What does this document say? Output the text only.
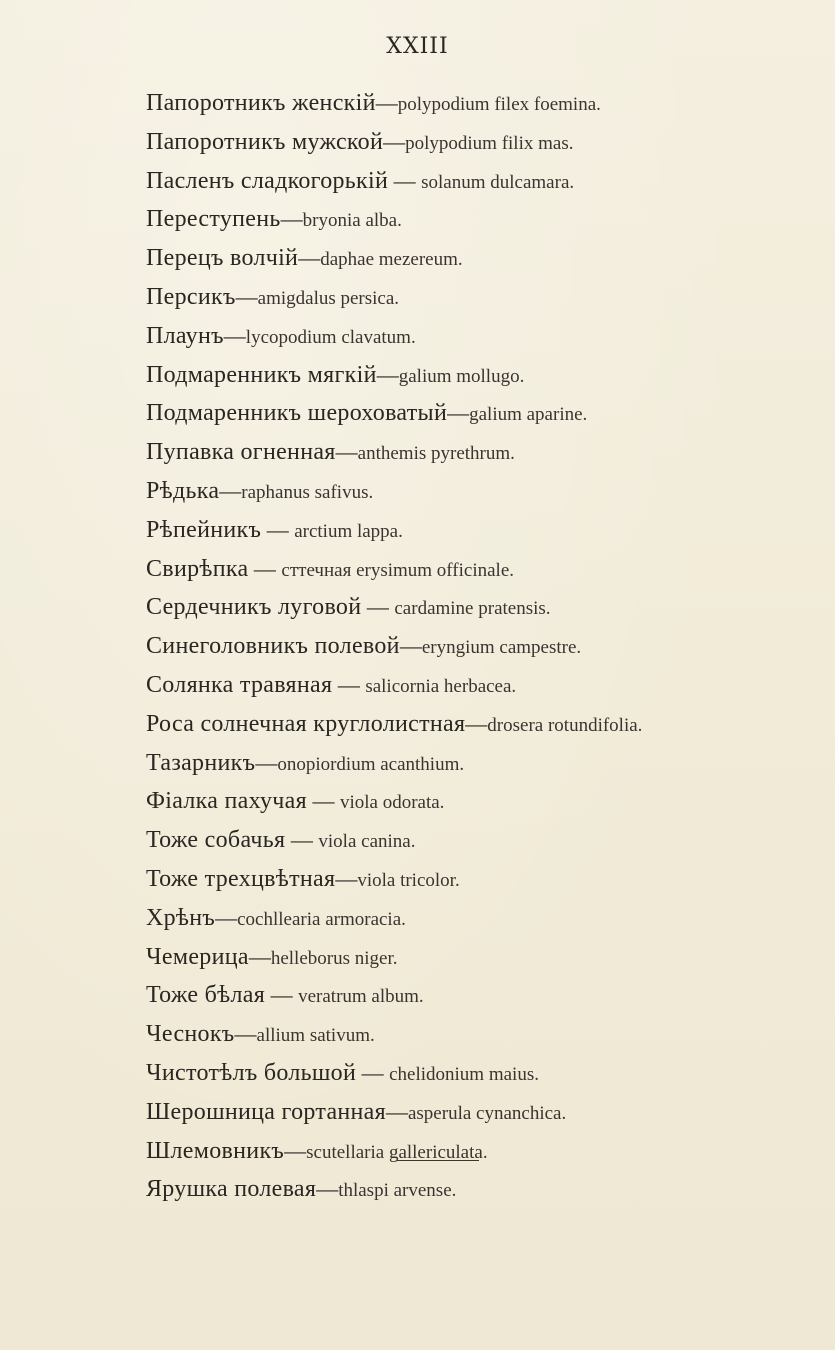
XXIII
Папоротникъ женскій—polypodium filex foemina.
Папоротникъ мужской—polypodium filix mas.
Пасленъ сладкогорькій — solanum dulcamara.
Переступень—bryonia alba.
Перецъ волчій—daphae mezereum.
Персикъ—amigdalus persica.
Плаунъ—lycopodium clavatum.
Подмаренникъ мягкій—galium mollugo.
Подмаренникъ шероховатый—galium aparine.
Пупавка огненная—anthemis pyrethrum.
Рѣдька—raphanus safivus.
Рѣпейникъ — arctium lappa.
Свирѣпка — сттечная erysimum officinale.
Сердечникъ луговой — cardamine pratensis.
Синеголовникъ полевой—eryngium campestre.
Солянка травяная — salicornia herbacea.
Роса солнечная круглолистная—drosera rotundifolia.
Тазарникъ—onopiordium acanthium.
Фіалка пахучая — viola odorata.
Тоже собачья — viola canina.
Тоже трехцвѣтная—viola tricolor.
Хрѣнъ—cochllearia armoracia.
Чемерица—helleborus niger.
Тоже бѣлая — veratrum album.
Чеснокъ—allium sativum.
Чистотѣлъ большой — chelidonium maius.
Шерошница гортанная—asperula cynanchica.
Шлемовникъ—scutellaria gallericulata.
Ярушка полевая—thlaspi arvense.
